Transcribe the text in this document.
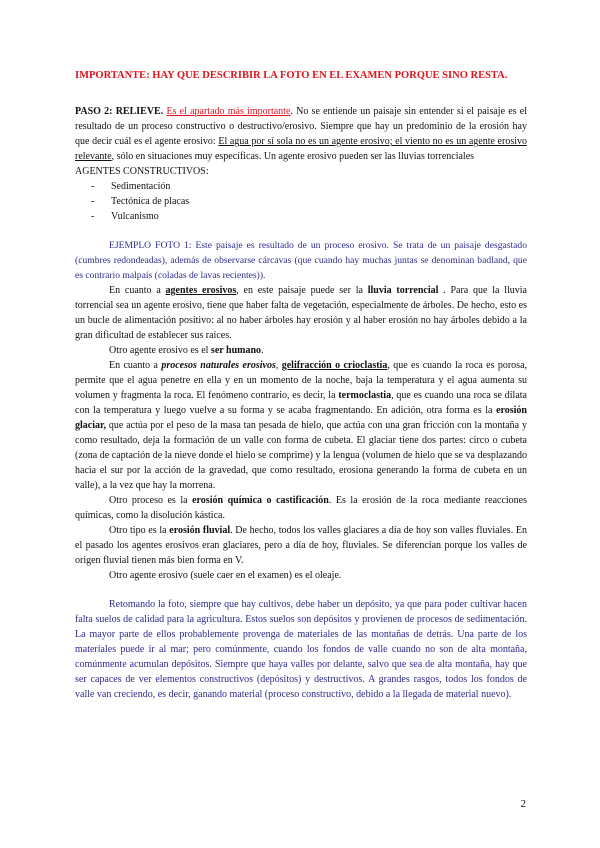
IMPORTANTE: HAY QUE DESCRIBIR LA FOTO EN EL EXAMEN PORQUE SINO RESTA.

PASO 2: RELIEVE. Es el apartado más importante. No se entiende un paisaje sin entender si el paisaje es el resultado de un proceso constructivo o destructivo/erosivo. Siempre que hay un predominio de la erosión hay que decir cuál es el agente erosivo: El agua por sí sola no es un agente erosivo; el viento no es un agente erosivo relevante, sólo en situaciones muy específicas. Un agente erosivo pueden ser las lluvias torrenciales

AGENTES CONSTRUCTIVOS:

- Sedimentación
- Tectónica de placas
- Vulcanismo

EJEMPLO FOTO 1: Este paisaje es resultado de un proceso erosivo. Se trata de un paisaje desgastado (cumbres redondeadas), además de observarse cárcavas (que cuando hay muchas juntas se denominan badland, que es contrario malpaís (coladas de lavas recientes)).

En cuanto a agentes erosivos, en este paisaje puede ser la lluvia torrencial . Para que la lluvia torrencial sea un agente erosivo, tiene que haber falta de vegetación, especialmente de árboles. De hecho, esto es un bucle de alimentación positivo: al no haber árboles hay erosión y al haber erosión no hay árboles debido a la gran dificultad de establecer sus raíces.

Otro agente erosivo es el ser humano.

En cuanto a procesos naturales erosivos, gelifracción o crioclastia, que es cuando la roca es porosa, permite que el agua penetre en ella y en un momento de la noche, baja la temperatura y el agua aumenta su volumen y fragmenta la roca. El fenómeno contrario, es decir, la termoclastia, que es cuando una roca se dilata con la temperatura y luego vuelve a su forma y se acaba fragmentando. En adición, otra forma es la erosión glaciar, que actúa por el peso de la masa tan pesada de hielo, que actúa con una gran fricción con la montaña y como resultado, deja la formación de un valle con forma de cubeta. El glaciar tiene dos partes: circo o cubeta (zona de captación de la nieve donde el hielo se comprime) y la lengua (volumen de hielo que se va desplazando hacia el sur por la acción de la gravedad, que como resultado, erosiona generando la forma de cubeta en un valle), a la vez que hay la morrena.

Otro proceso es la erosión química o castificación. Es la erosión de la roca mediante reacciones químicas, como la disolución kástica.

Otro tipo es la erosión fluvial. De hecho, todos los valles glaciares a día de hoy son valles fluviales. En el pasado los agentes erosivos eran glaciares, pero a día de hoy, fluviales. Se diferencian porque los valles de origen fluvial tienen más bien forma en V.

Otro agente erosivo (suele caer en el examen) es el oleaje.

Retomando la foto, siempre que hay cultivos, debe haber un depósito, ya que para poder cultivar hacen falta suelos de calidad para la agricultura. Estos suelos son depósitos y provienen de procesos de sedimentación. La mayor parte de ellos probablemente provenga de materiales de las montañas de detrás. Una parte de los materiales puede ir al mar; pero comúnmente, cuando los fondos de valle cuando no son de alta montaña, comúnmente acumulan depósitos. Siempre que haya valles por delante, salvo que sea de alta montaña, hay que ser capaces de ver elementos constructivos (depósitos) y destructivos. A grandes rasgos, todos los fondos de valle van creciendo, es decir, ganando material (proceso constructivo, debido a la llegada de material nuevo).

2
